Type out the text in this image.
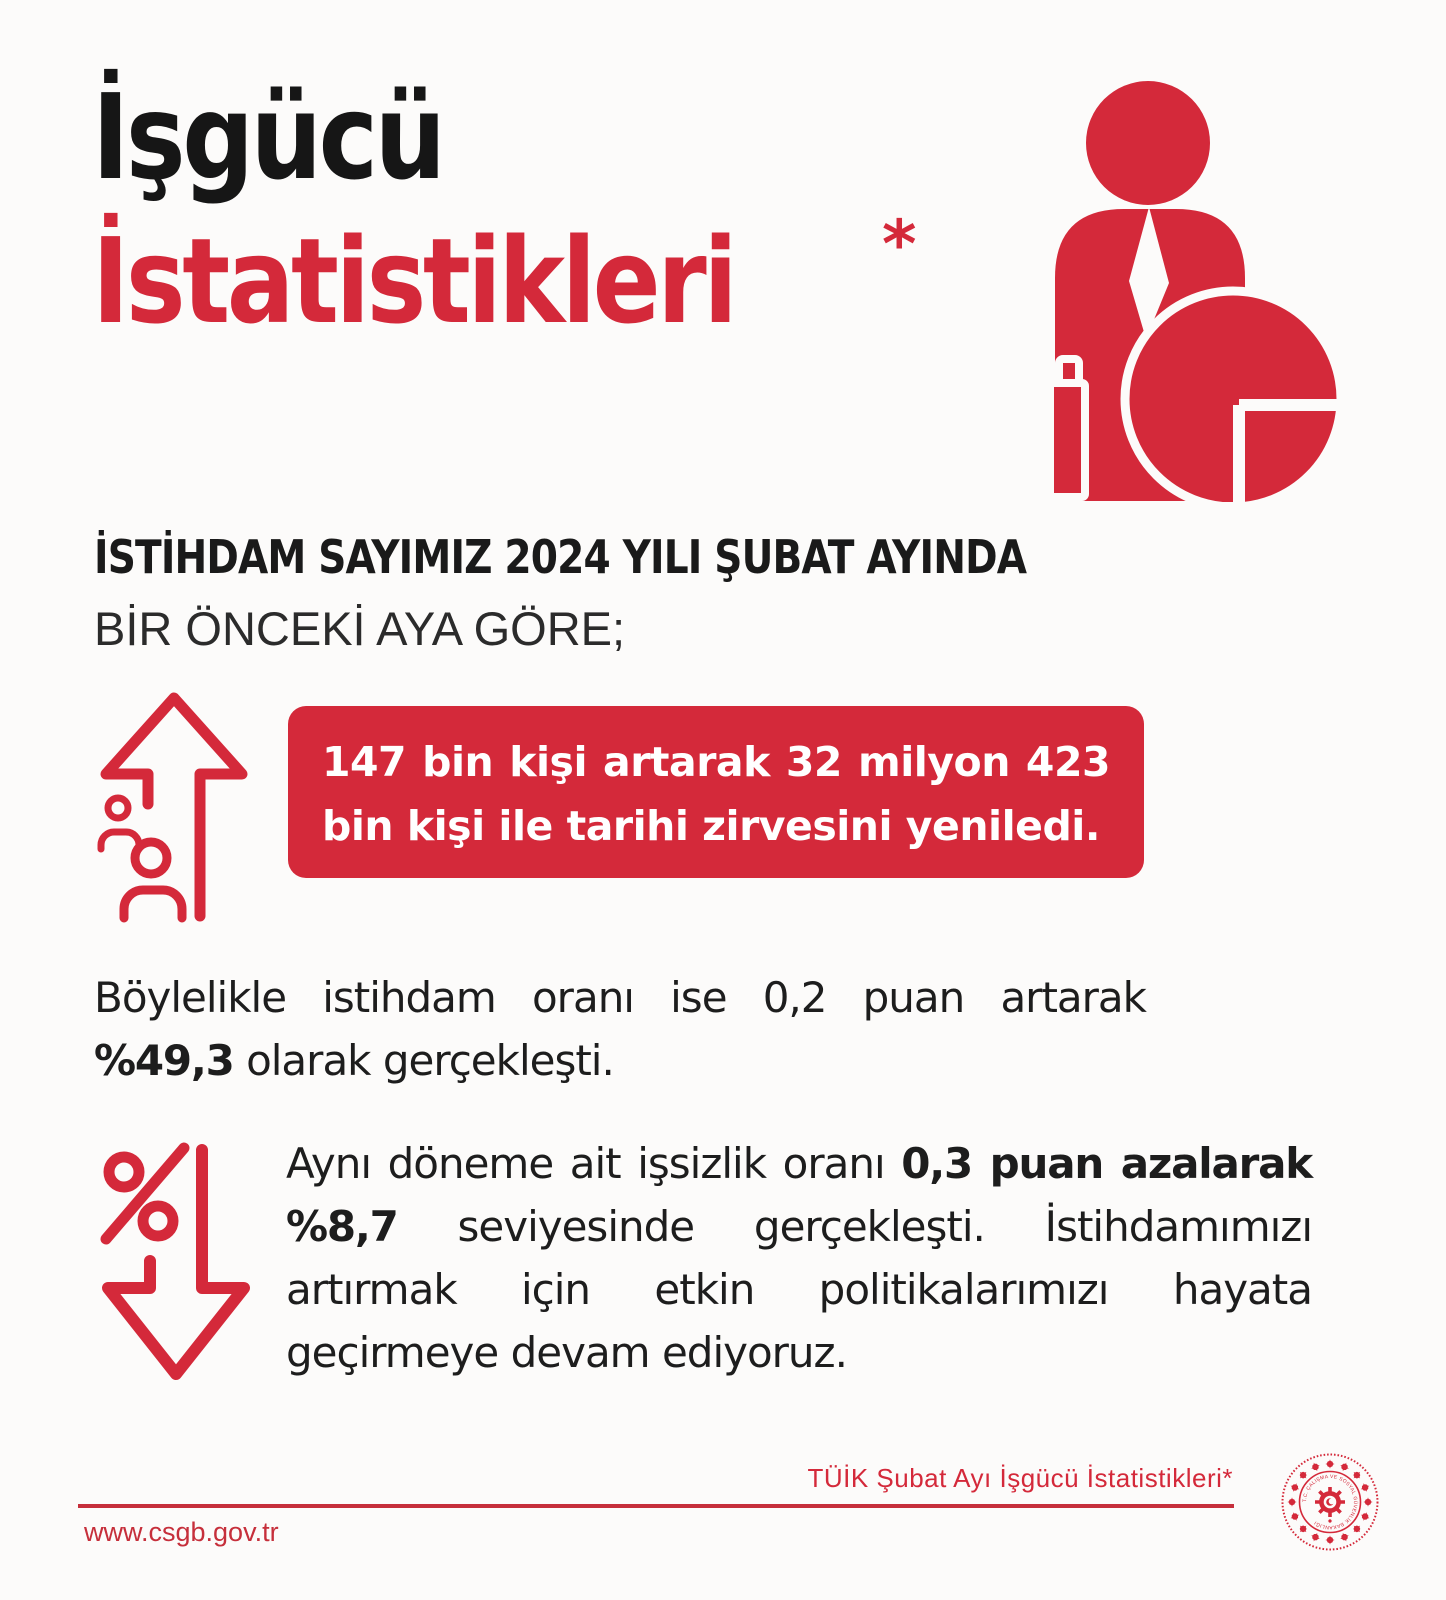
İşgücü
İstatistikleri *
İSTİHDAM SAYIMIZ 2024 YILI ŞUBAT AYINDA
BİR ÖNCEKİ AYA GÖRE;

147 bin kişi artarak 32 milyon 423 bin kişi ile tarihi zirvesini yeniledi.

Böylelikle istihdam oranı ise 0,2 puan artarak %49,3 olarak gerçekleşti.

Aynı döneme ait işsizlik oranı 0,3 puan azalarak %8,7 seviyesinde gerçekleşti. İstihdamımızı artırmak için etkin politikalarımızı hayata geçirmeye devam ediyoruz.

TÜİK Şubat Ayı İşgücü İstatistikleri*
www.csgb.gov.tr
T.C. ÇALIŞMA VE SOSYAL GÜVENLİK BAKANLIĞI
